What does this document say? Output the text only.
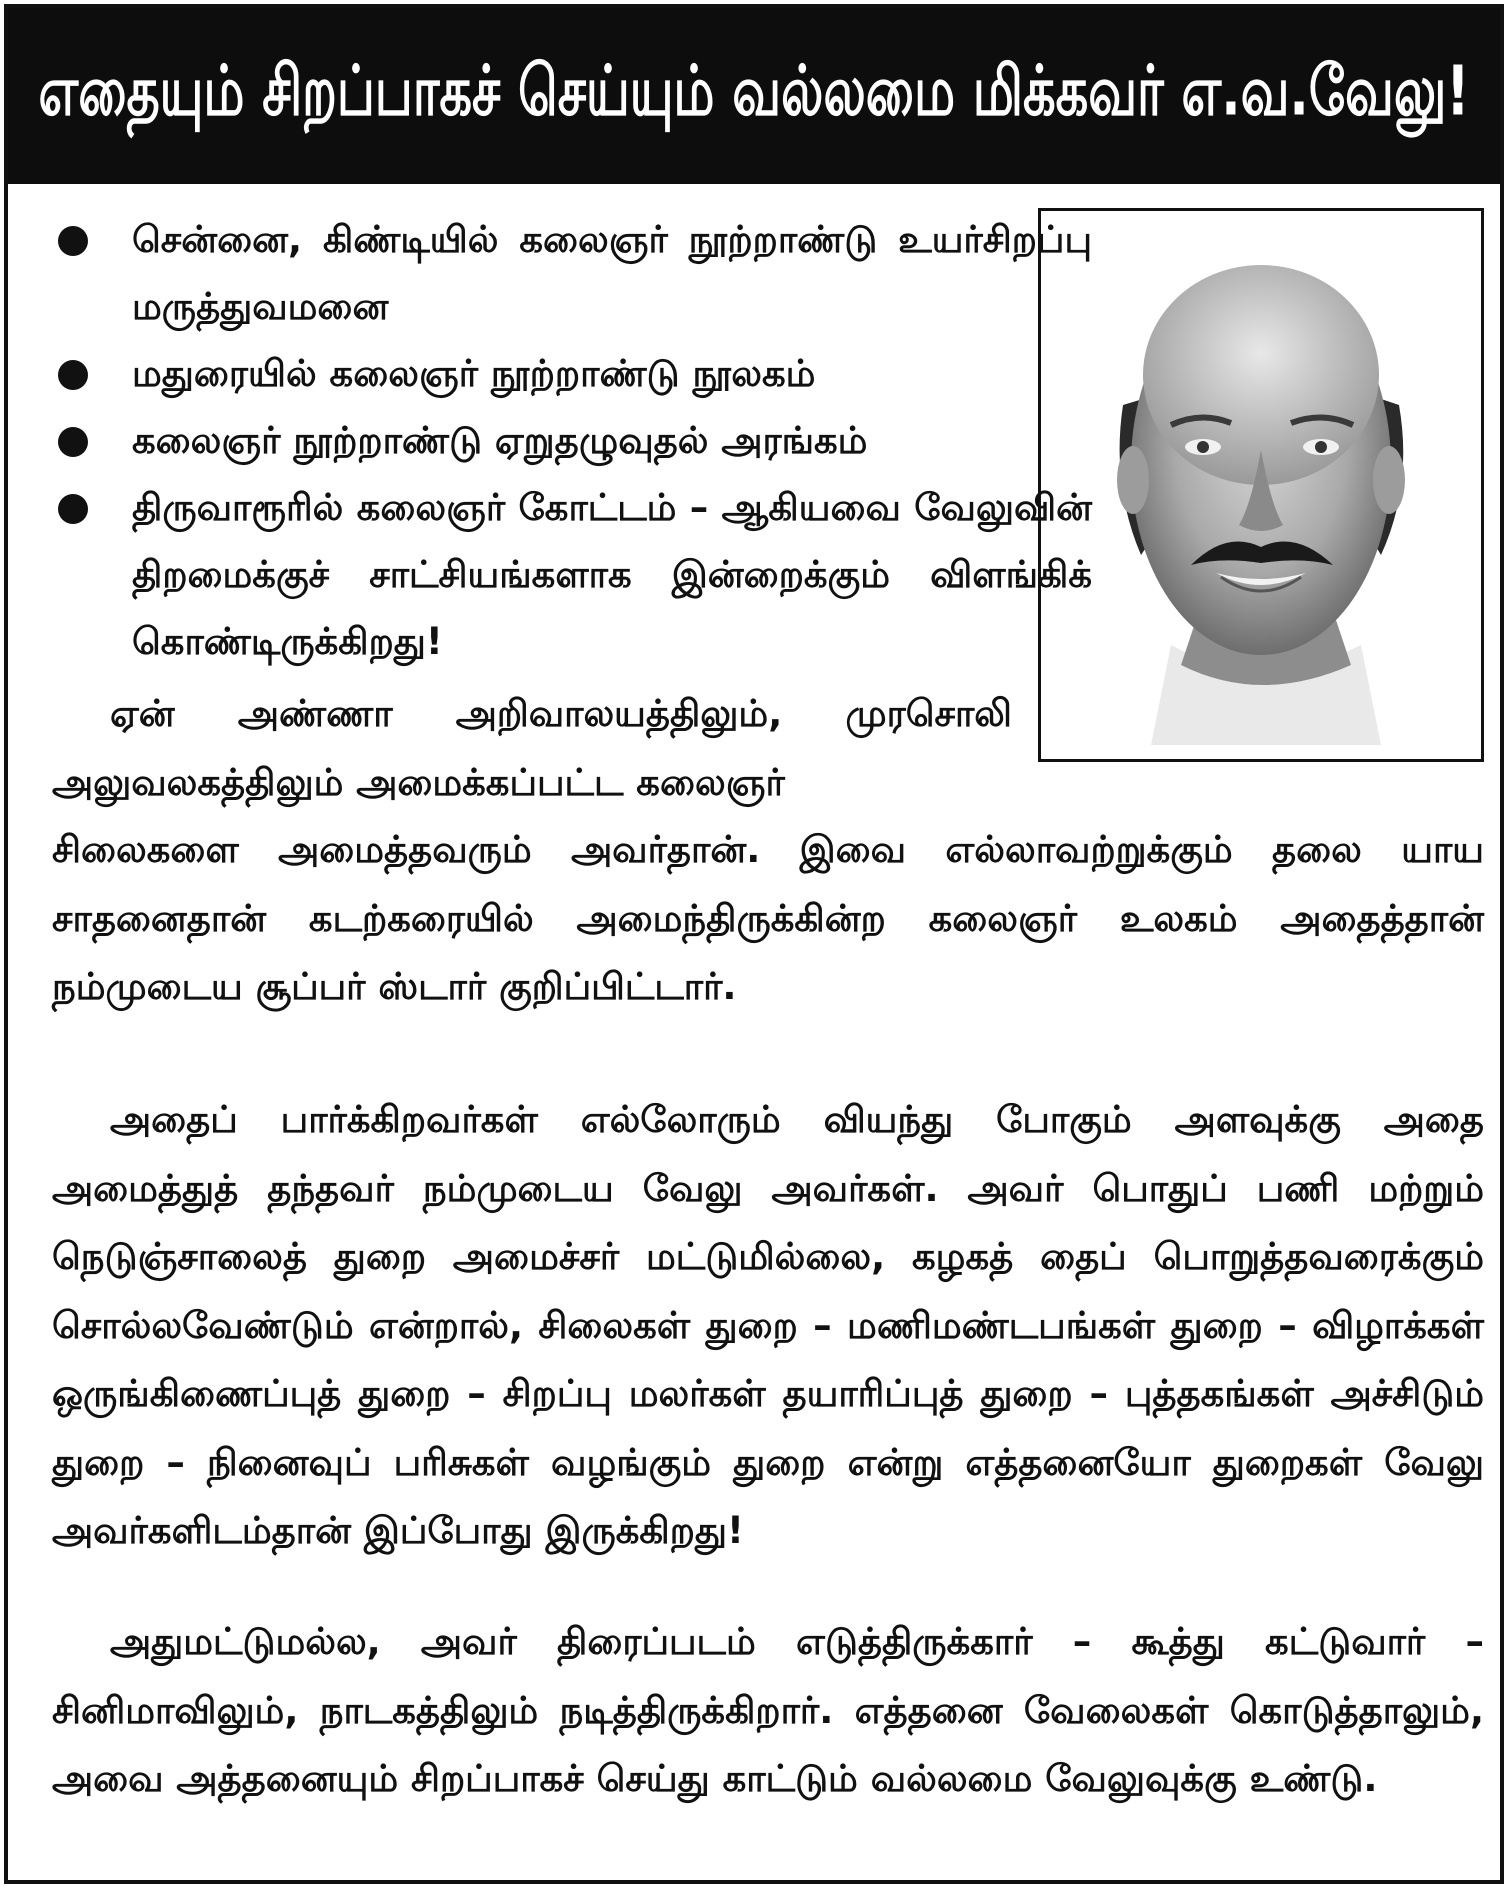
எதையும் சிறப்பாகச் செய்யும் வல்லமை மிக்கவர் எ.வ.வேலு!
சென்னை, கிண்டியில் கலைஞர் நூற்றாண்டு உயர்சிறப்பு மருத்துவமனை
மதுரையில் கலைஞர் நூற்றாண்டு நூலகம்
கலைஞர் நூற்றாண்டு ஏறுதழுவுதல் அரங்கம்
திருவாரூரில் கலைஞர் கோட்டம் – ஆகியவை வேலுவின் திறமைக்குச் சாட்சியங்களாக இன்றைக்கும் விளங்கிக் கொண்டிருக்கிறது!

ஏன் அண்ணா அறிவாலயத்திலும், முரசொலி அலுவலகத்திலும் அமைக்கப்பட்ட கலைஞர்

சிலைகளை அமைத்தவரும் அவர்தான். இவை எல்லாவற்றுக்கும் தலை யாய சாதனைதான் கடற்கரையில் அமைந்திருக்கின்ற கலைஞர் உலகம் அதைத்தான் நம்முடைய சூப்பர் ஸ்டார் குறிப்பிட்டார்.

அதைப் பார்க்கிறவர்கள் எல்லோரும் வியந்து போகும் அளவுக்கு அதை அமைத்துத் தந்தவர் நம்முடைய வேலு அவர்கள். அவர் பொதுப் பணி மற்றும் நெடுஞ்சாலைத் துறை அமைச்சர் மட்டுமில்லை, கழகத் தைப் பொறுத்தவரைக்கும் சொல்லவேண்டும் என்றால், சிலைகள் துறை – மணிமண்டபங்கள் துறை – விழாக்கள் ஒருங்கிணைப்புத் துறை – சிறப்பு மலர்கள் தயாரிப்புத் துறை – புத்தகங்கள் அச்சிடும் துறை – நினைவுப் பரிசுகள் வழங்கும் துறை என்று எத்தனையோ துறைகள் வேலு அவர்களிடம்தான் இப்போது இருக்கிறது!

அதுமட்டுமல்ல, அவர் திரைப்படம் எடுத்திருக்கார் – கூத்து கட்டுவார் – சினிமாவிலும், நாடகத்திலும் நடித்திருக்கிறார். எத்தனை வேலைகள் கொடுத்தாலும், அவை அத்தனையும் சிறப்பாகச் செய்து காட்டும் வல்லமை வேலுவுக்கு உண்டு.
